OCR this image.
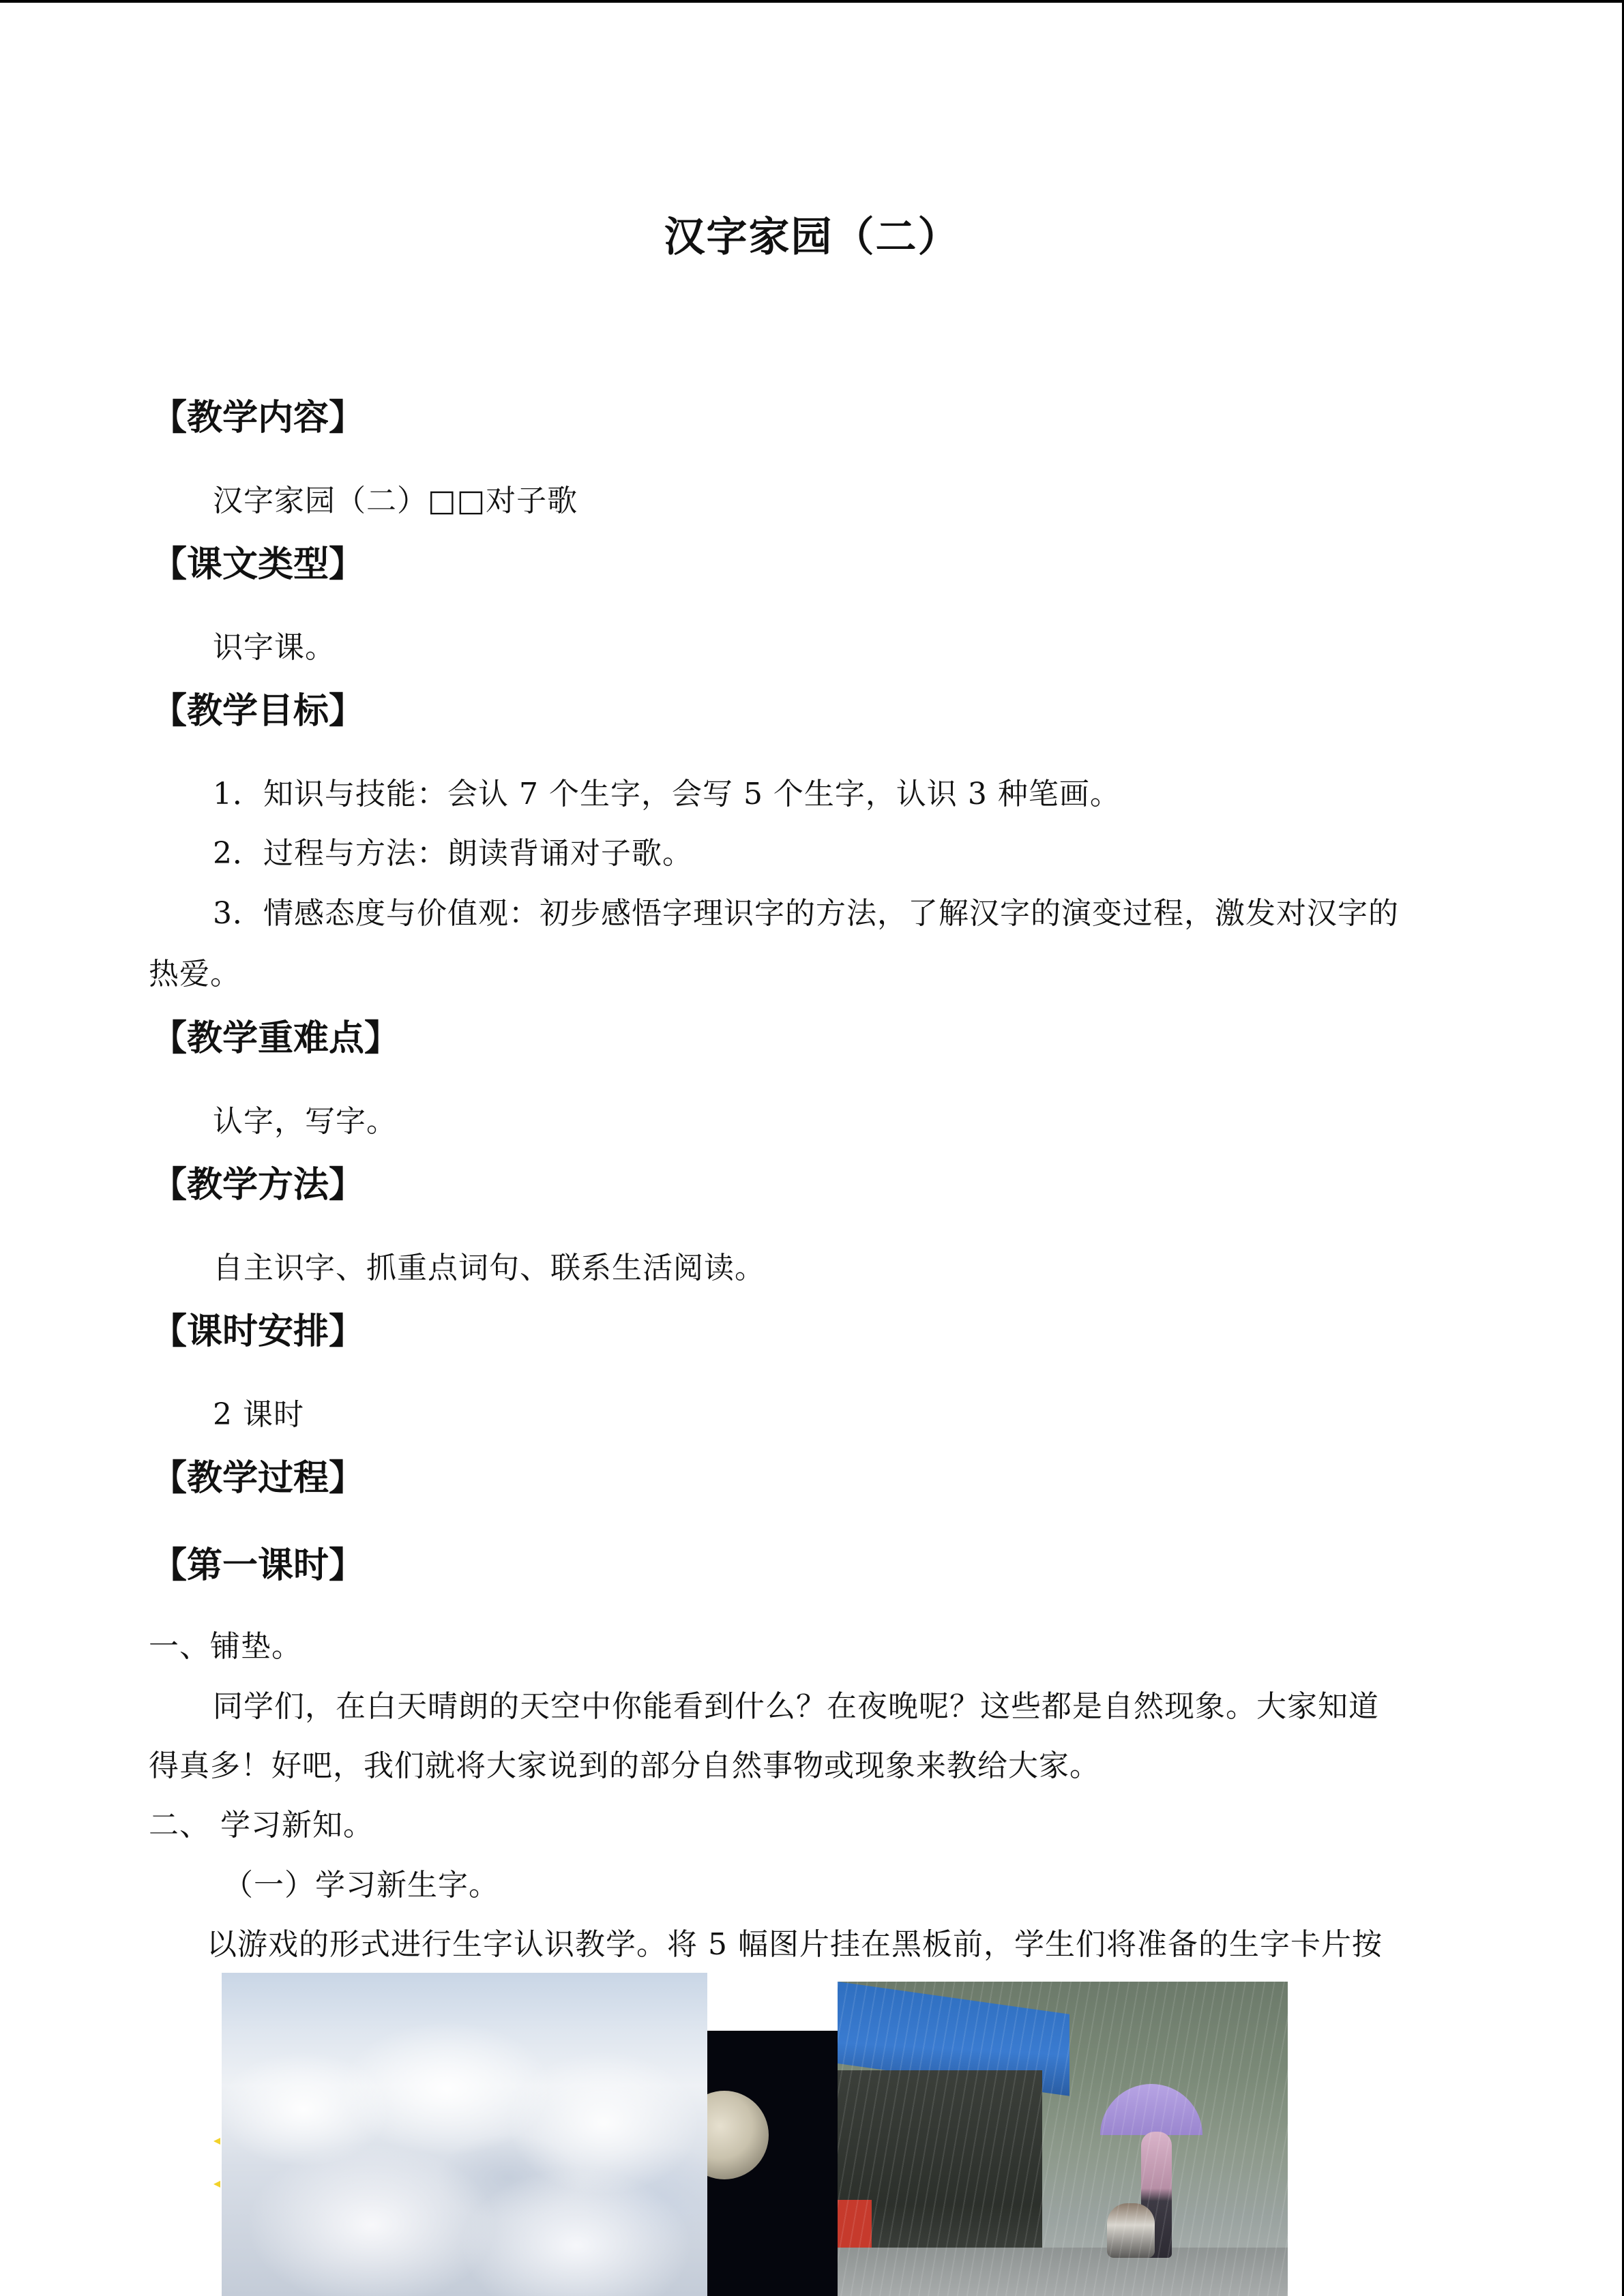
汉字家园（二）
【教学内容】
汉字家园（二）□□对子歌
【课文类型】
识字课。
【教学目标】
1．知识与技能：会认 7 个生字，会写 5 个生字，认识 3 种笔画。
2．过程与方法：朗读背诵对子歌。
3．情感态度与价值观：初步感悟字理识字的方法，了解汉字的演变过程，激发对汉字的
热爱。
【教学重难点】
认字，写字。
【教学方法】
自主识字、抓重点词句、联系生活阅读。
【课时安排】
2 课时
【教学过程】
【第一课时】
一、铺垫。
同学们，在白天晴朗的天空中你能看到什么？在夜晚呢？这些都是自然现象。大家知道
得真多！好吧，我们就将大家说到的部分自然事物或现象来教给大家。
二、 学习新知。
（一）学习新生字。
以游戏的形式进行生字认识教学。将 5 幅图片挂在黑板前，学生们将准备的生字卡片按
